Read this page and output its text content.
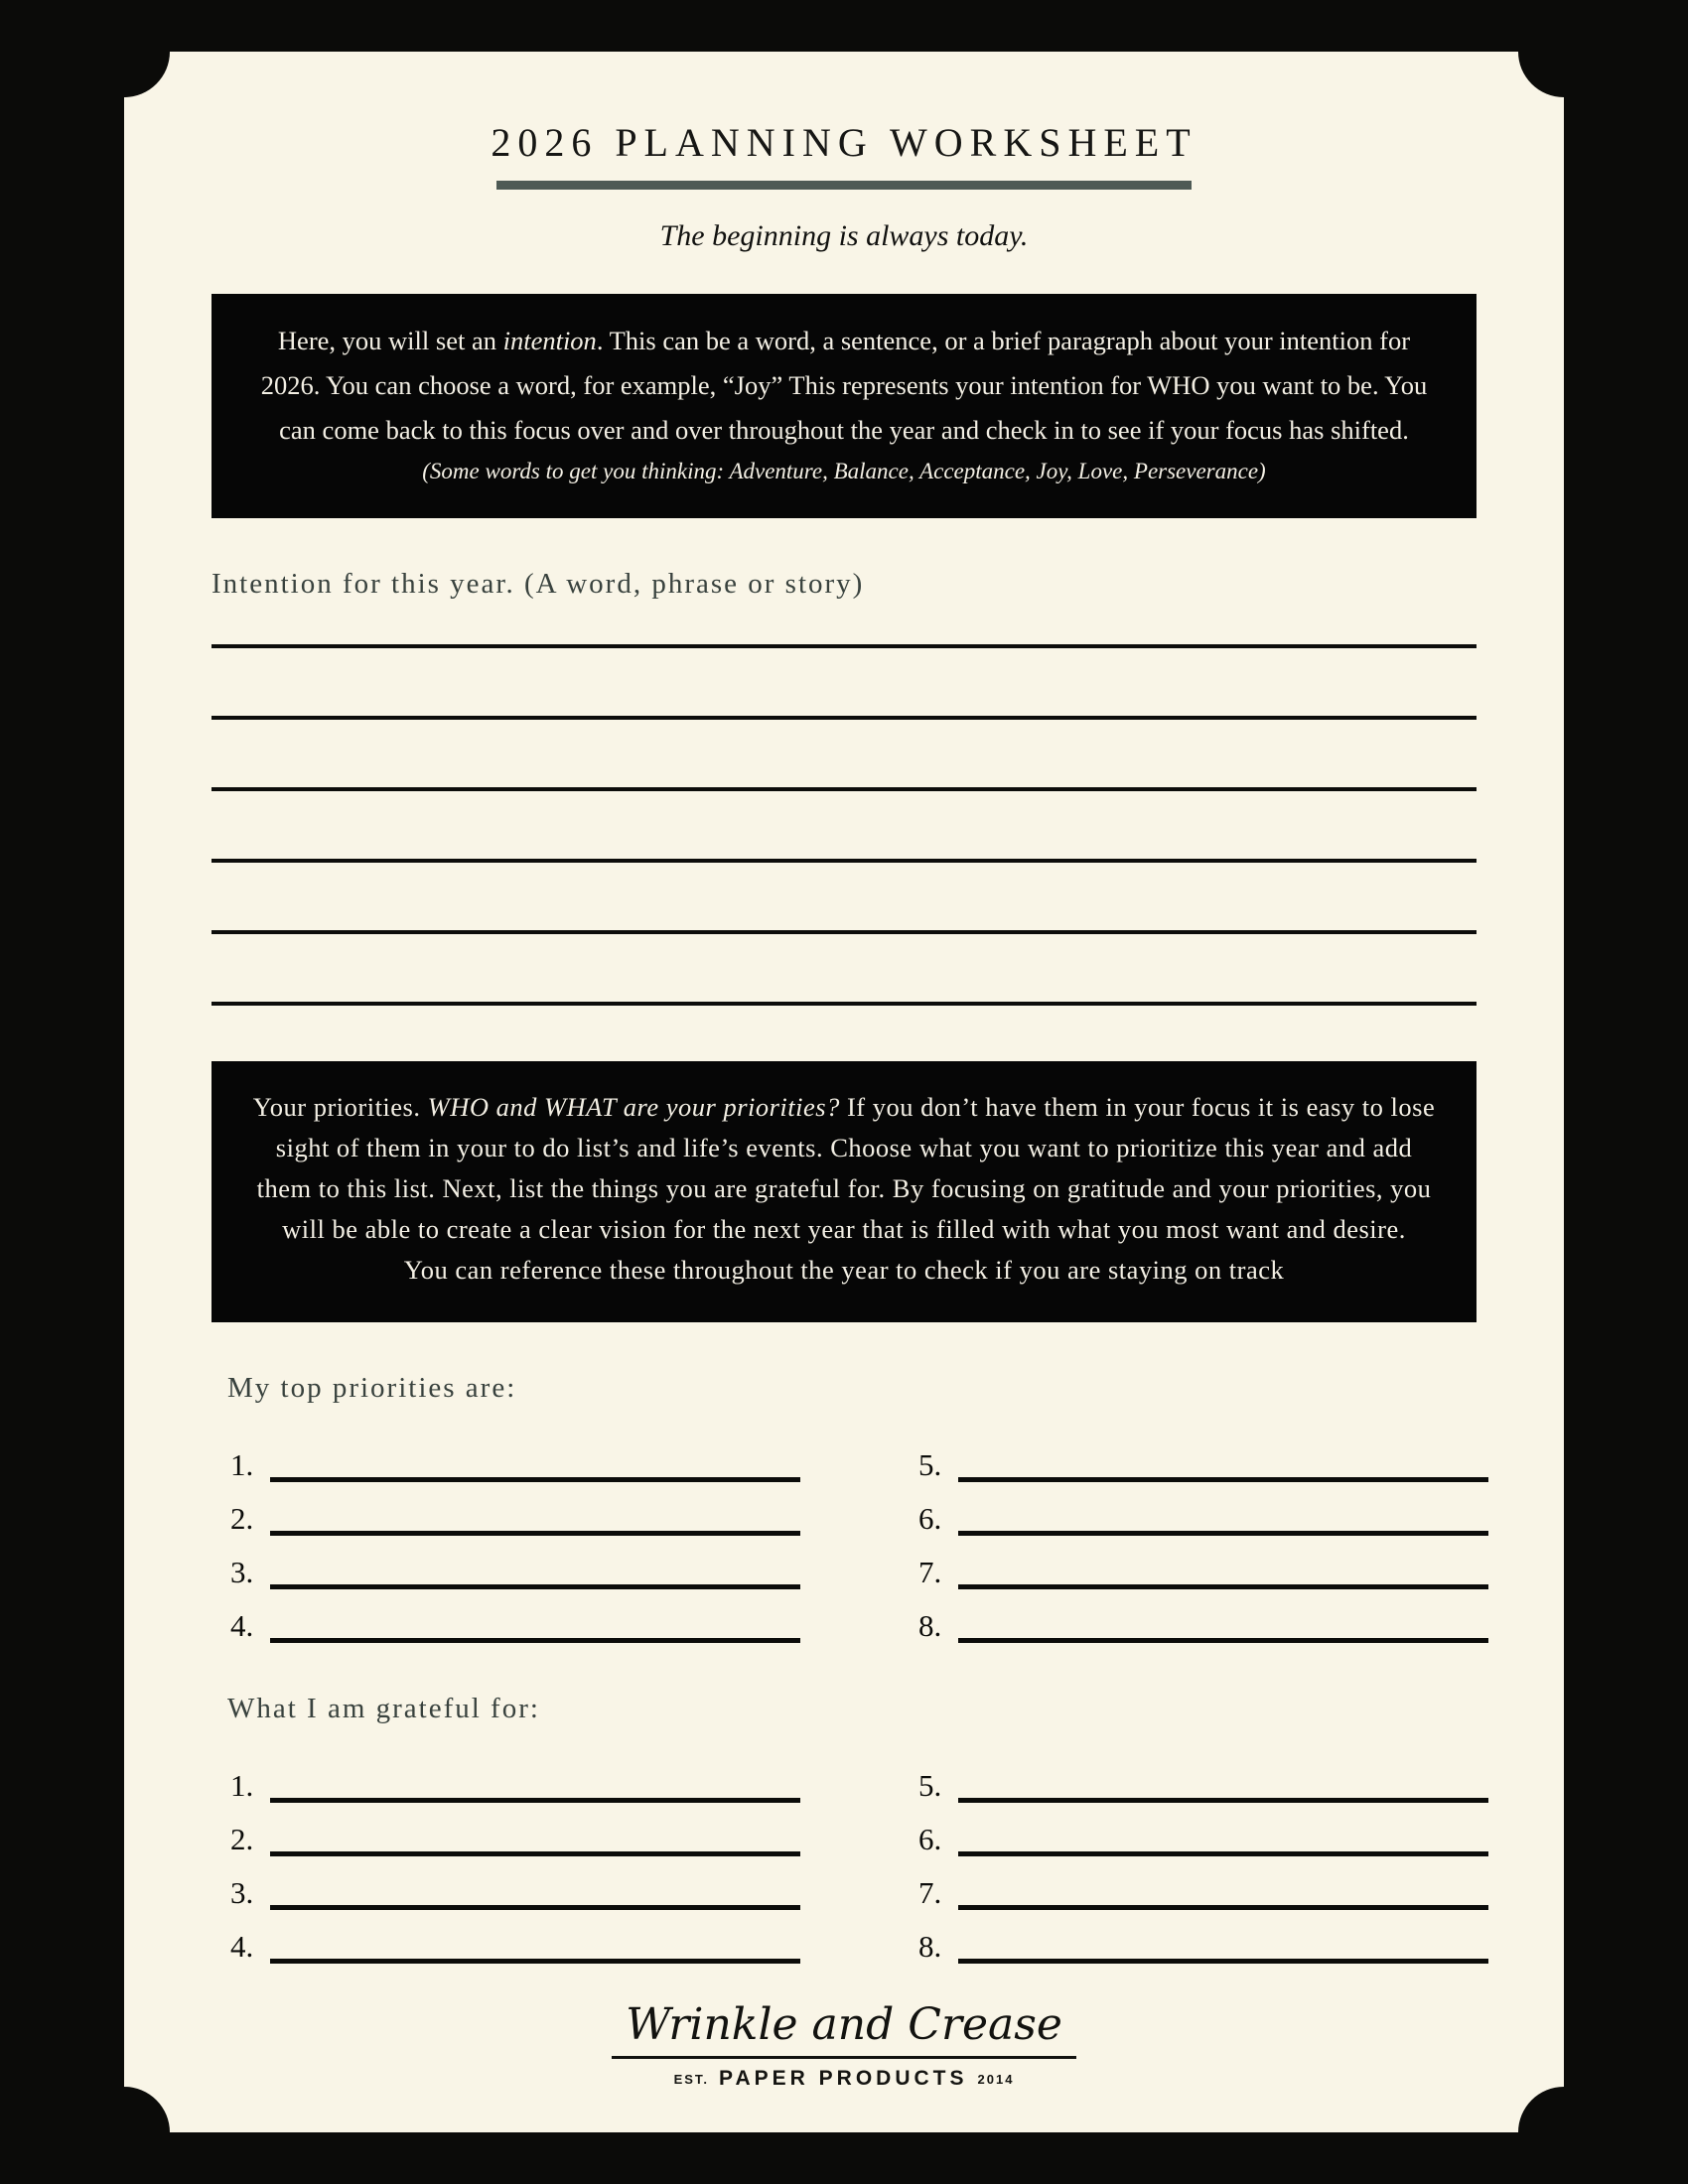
2026 PLANNING WORKSHEET

The beginning is always today.

Here, you will set an intention. This can be a word, a sentence, or a brief paragraph about your intention for 2026. You can choose a word, for example, “Joy” This represents your intention for WHO you want to be. You can come back to this focus over and over throughout the year and check in to see if your focus has shifted.

(Some words to get you thinking: Adventure, Balance, Acceptance, Joy, Love, Perseverance)

Intention for this year. (A word, phrase or story)

Your priorities. WHO and WHAT are your priorities? If you don’t have them in your focus it is easy to lose sight of them in your to do list’s and life’s events. Choose what you want to prioritize this year and add them to this list. Next, list the things you are grateful for. By focusing on gratitude and your priorities, you will be able to create a clear vision for the next year that is filled with what you most want and desire.

You can reference these throughout the year to check if you are staying on track

My top priorities are:

1.
2.
3.
4.
5.
6.
7.
8.

What I am grateful for:

1.
2.
3.
4.
5.
6.
7.
8.
Wrinkle and Crease
EST. PAPER PRODUCTS 2014
